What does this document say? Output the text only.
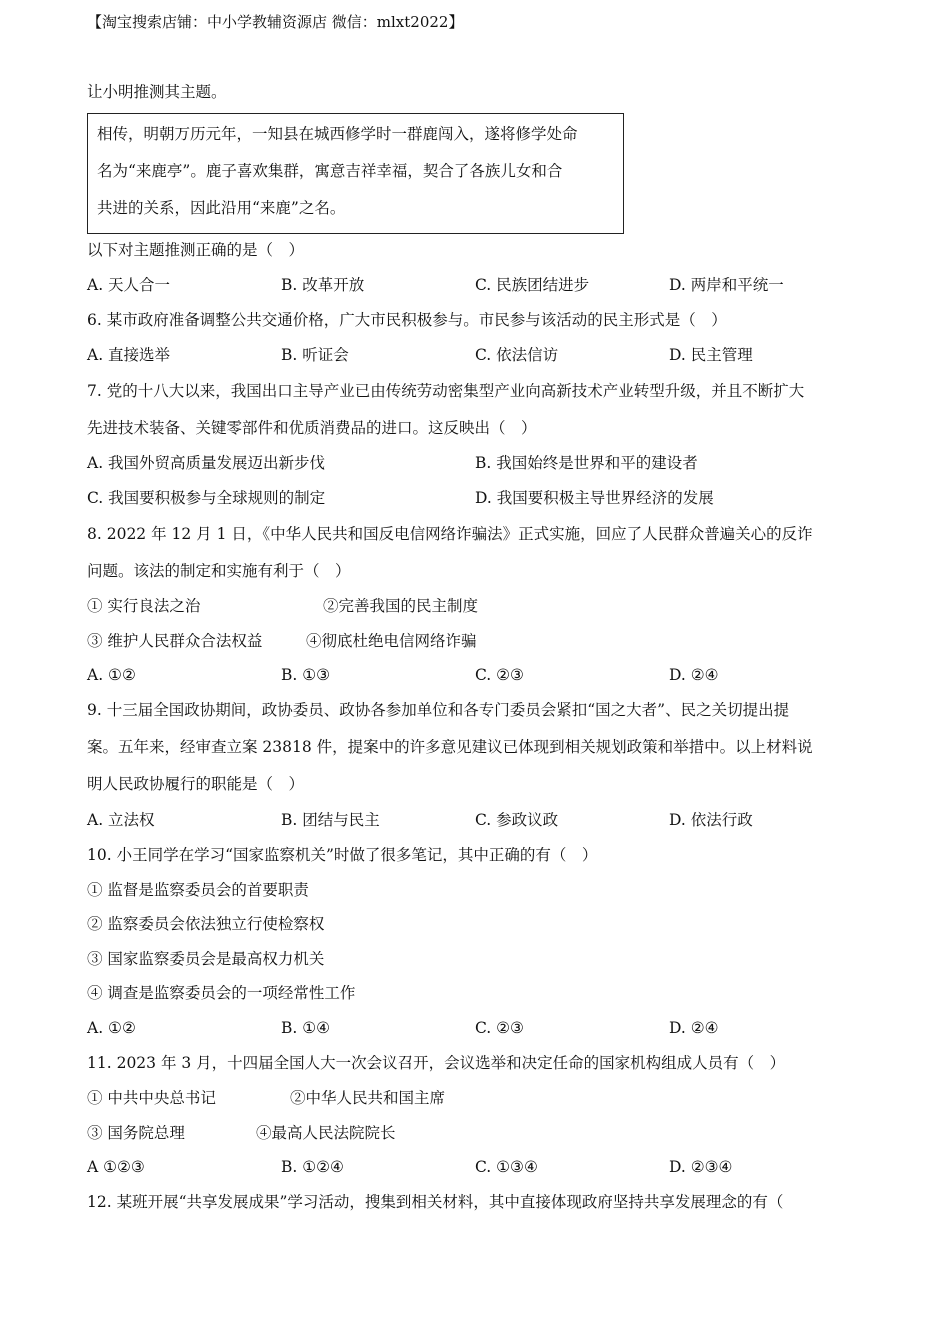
【淘宝搜索店铺：中小学教辅资源店 微信：mlxt2022】
让小明推测其主题。
相传，明朝万历元年，一知县在城西修学时一群鹿闯入，遂将修学处命
名为“来鹿亭”。鹿子喜欢集群，寓意吉祥幸福，契合了各族儿女和合
共进的关系，因此沿用“来鹿”之名。
以下对主题推测正确的是（　）
A. 天人合一	B. 改革开放	C. 民族团结进步	D. 两岸和平统一
6. 某市政府准备调整公共交通价格，广大市民积极参与。市民参与该活动的民主形式是（　）
A. 直接选举	B. 听证会	C. 依法信访	D. 民主管理
7. 党的十八大以来，我国出口主导产业已由传统劳动密集型产业向高新技术产业转型升级，并且不断扩大
先进技术装备、关键零部件和优质消费品的进口。这反映出（　）
A. 我国外贸高质量发展迈出新步伐	B. 我国始终是世界和平的建设者
C. 我国要积极参与全球规则的制定	D. 我国要积极主导世界经济的发展
8. 2022 年 12 月 1 日，《中华人民共和国反电信网络诈骗法》正式实施，回应了人民群众普遍关心的反诈
问题。该法的制定和实施有利于（　）
① 实行良法之治	②完善我国的民主制度
③ 维护人民群众合法权益	④彻底杜绝电信网络诈骗
A. ①②	B. ①③	C. ②③	D. ②④
9. 十三届全国政协期间，政协委员、政协各参加单位和各专门委员会紧扣“国之大者”、民之关切提出提
案。五年来，经审查立案 23818 件，提案中的许多意见建议已体现到相关规划政策和举措中。以上材料说
明人民政协履行的职能是（　）
A. 立法权	B. 团结与民主	C. 参政议政	D. 依法行政
10. 小王同学在学习“国家监察机关”时做了很多笔记，其中正确的有（　）
① 监督是监察委员会的首要职责
② 监察委员会依法独立行使检察权
③ 国家监察委员会是最高权力机关
④ 调查是监察委员会的一项经常性工作
A. ①②	B. ①④	C. ②③	D. ②④
11. 2023 年 3 月，十四届全国人大一次会议召开，会议选举和决定任命的国家机构组成人员有（　）
① 中共中央总书记	②中华人民共和国主席
③ 国务院总理	④最高人民法院院长
A ①②③	B. ①②④	C. ①③④	D. ②③④
12. 某班开展“共享发展成果”学习活动，搜集到相关材料，其中直接体现政府坚持共享发展理念的有（
